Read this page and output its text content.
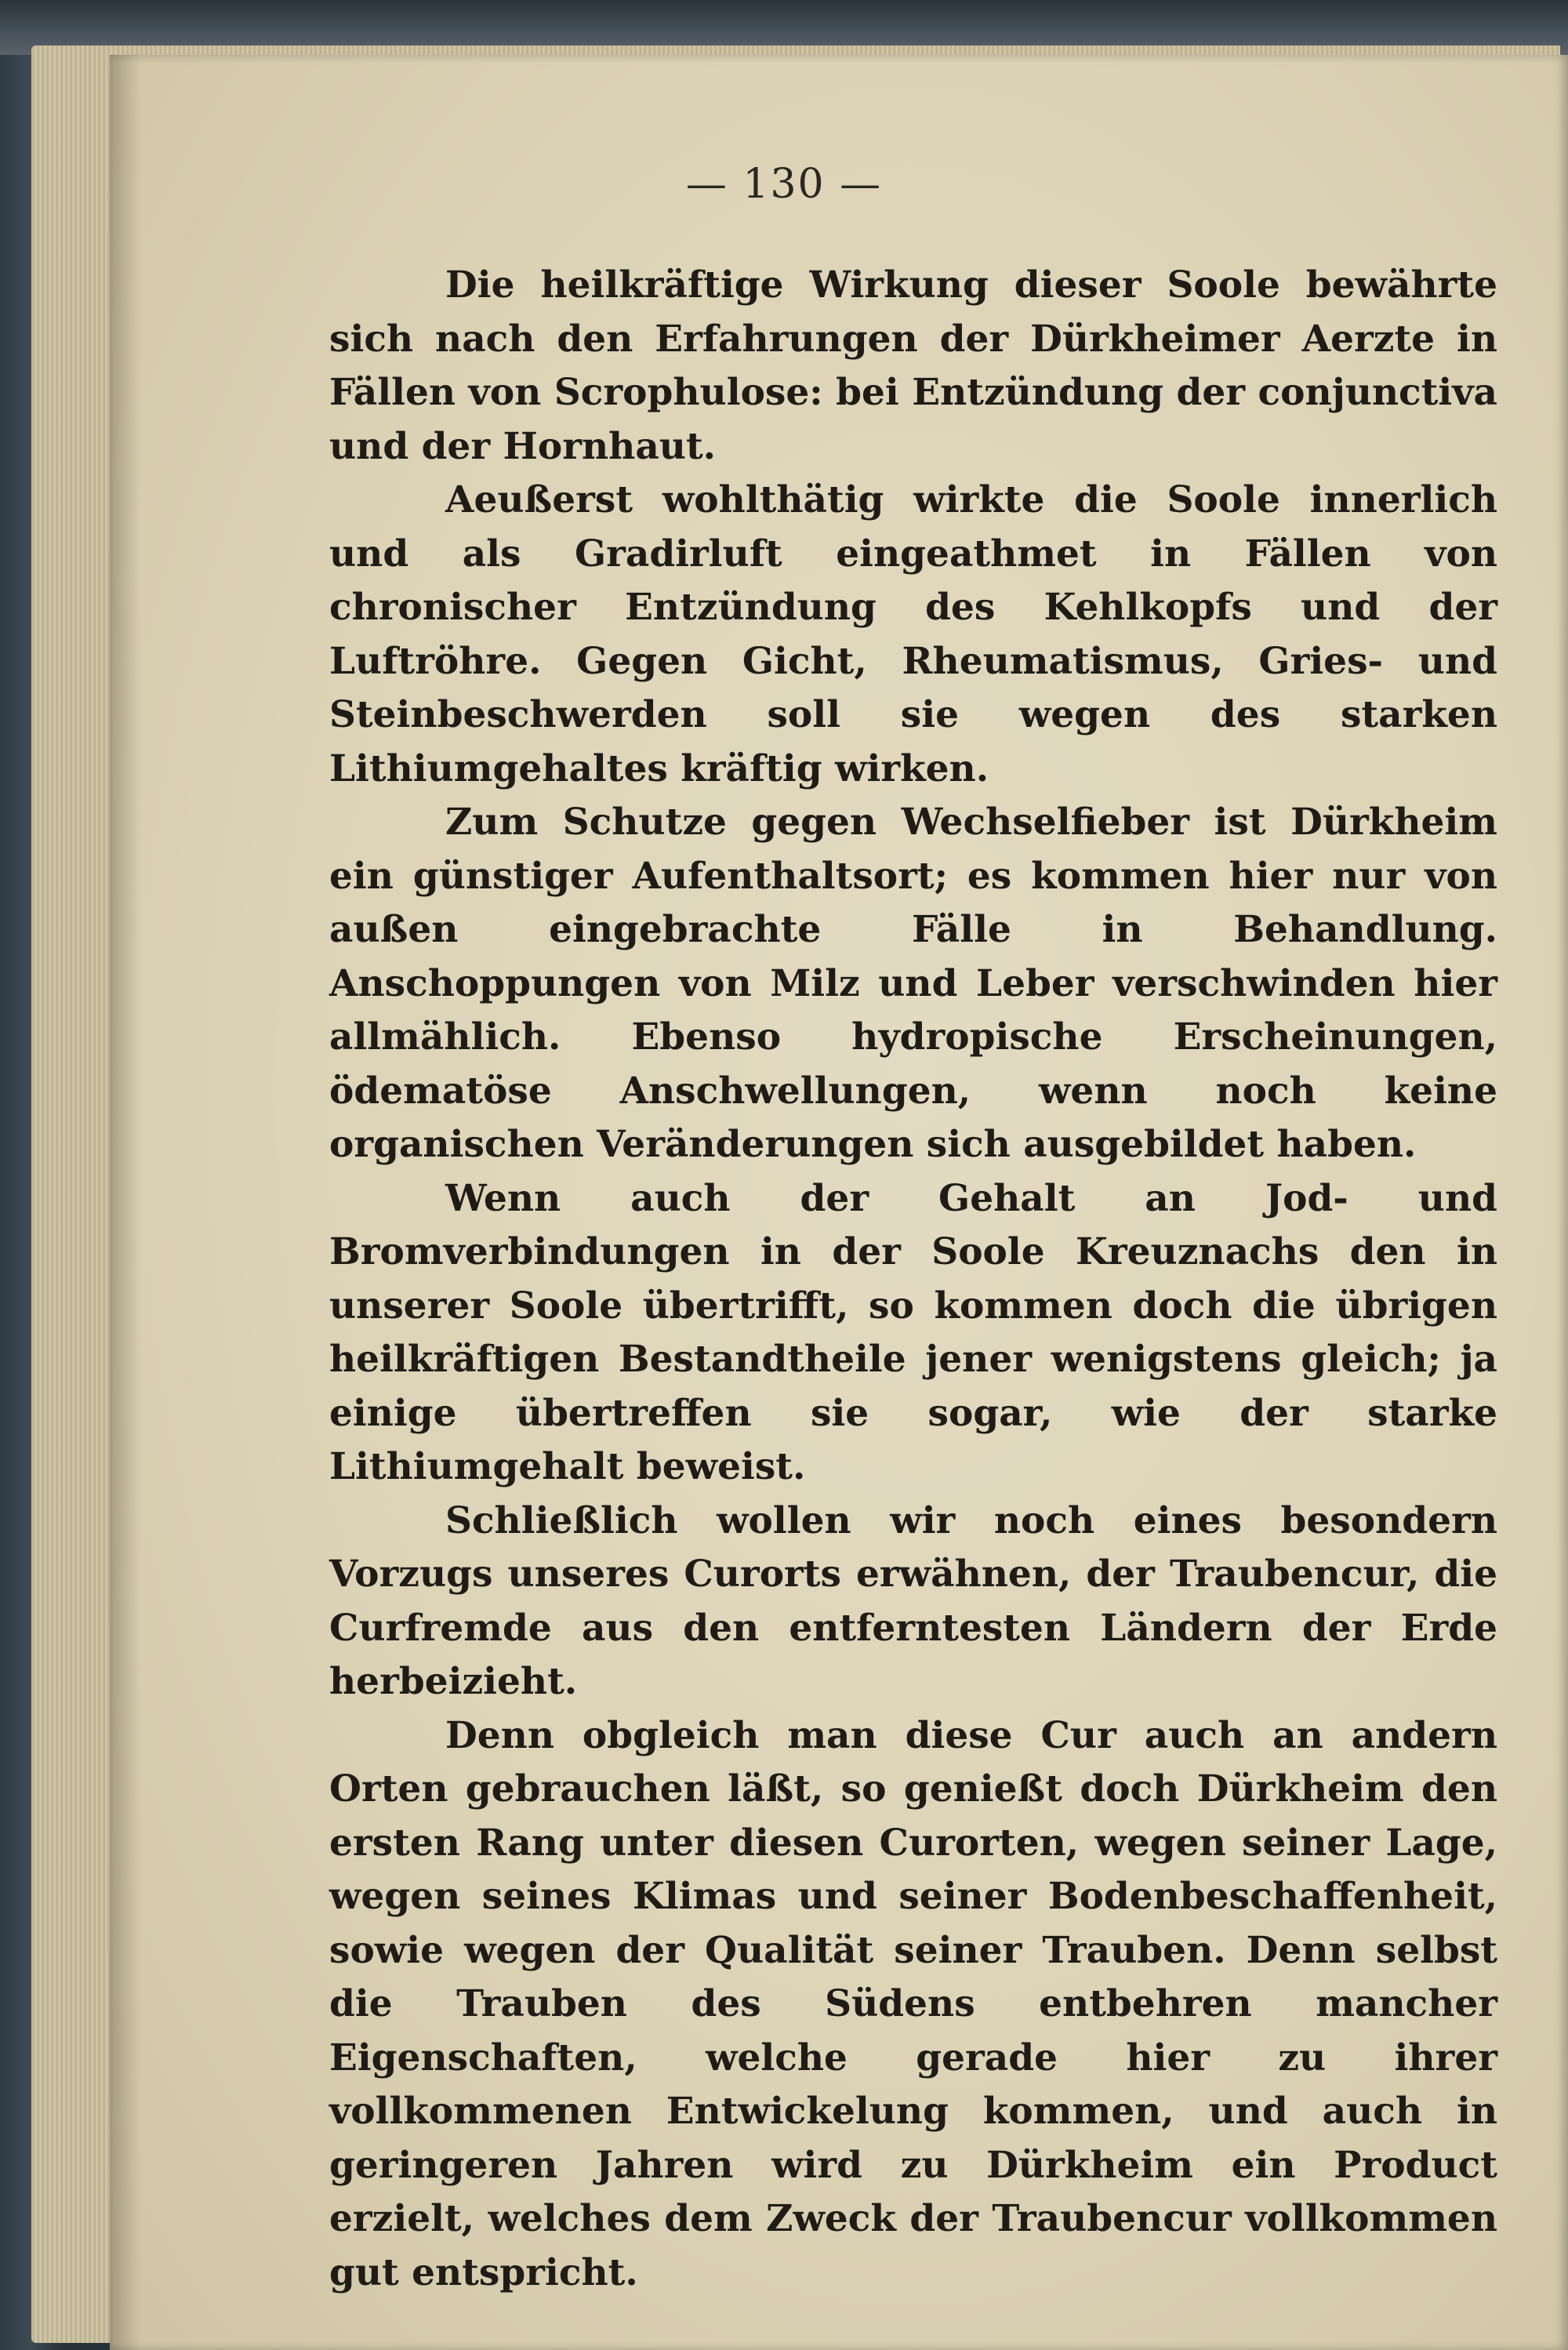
— 130 —

Die heilkräftige Wirkung dieser Soole bewährte sich nach den Erfahrungen der Dürkheimer Aerzte in Fällen von Scrophulose: bei Entzündung der conjunctiva und der Hornhaut.

Aeußerst wohlthätig wirkte die Soole innerlich und als Gradirluft eingeathmet in Fällen von chronischer Entzündung des Kehlkopfs und der Luftröhre. Gegen Gicht, Rheumatismus, Gries- und Steinbeschwerden soll sie wegen des starken Lithiumgehaltes kräftig wirken.

Zum Schutze gegen Wechselfieber ist Dürkheim ein günstiger Aufenthaltsort; es kommen hier nur von außen eingebrachte Fälle in Behandlung. Anschoppungen von Milz und Leber verschwinden hier allmählich. Ebenso hydropische Erscheinungen, ödematöse Anschwellungen, wenn noch keine organischen Veränderungen sich ausgebildet haben.

Wenn auch der Gehalt an Jod- und Bromverbindungen in der Soole Kreuznachs den in unserer Soole übertrifft, so kommen doch die übrigen heilkräftigen Bestandtheile jener wenigstens gleich; ja einige übertreffen sie sogar, wie der starke Lithiumgehalt beweist.

Schließlich wollen wir noch eines besondern Vorzugs unseres Curorts erwähnen, der Traubencur, die Curfremde aus den entferntesten Ländern der Erde herbeizieht.

Denn obgleich man diese Cur auch an andern Orten gebrauchen läßt, so genießt doch Dürkheim den ersten Rang unter diesen Curorten, wegen seiner Lage, wegen seines Klimas und seiner Bodenbeschaffenheit, sowie wegen der Qualität seiner Trauben. Denn selbst die Trauben des Südens entbehren mancher Eigenschaften, welche gerade hier zu ihrer vollkommenen Entwickelung kommen, und auch in geringeren Jahren wird zu Dürkheim ein Product erzielt, welches dem Zweck der Traubencur vollkommen gut entspricht.
